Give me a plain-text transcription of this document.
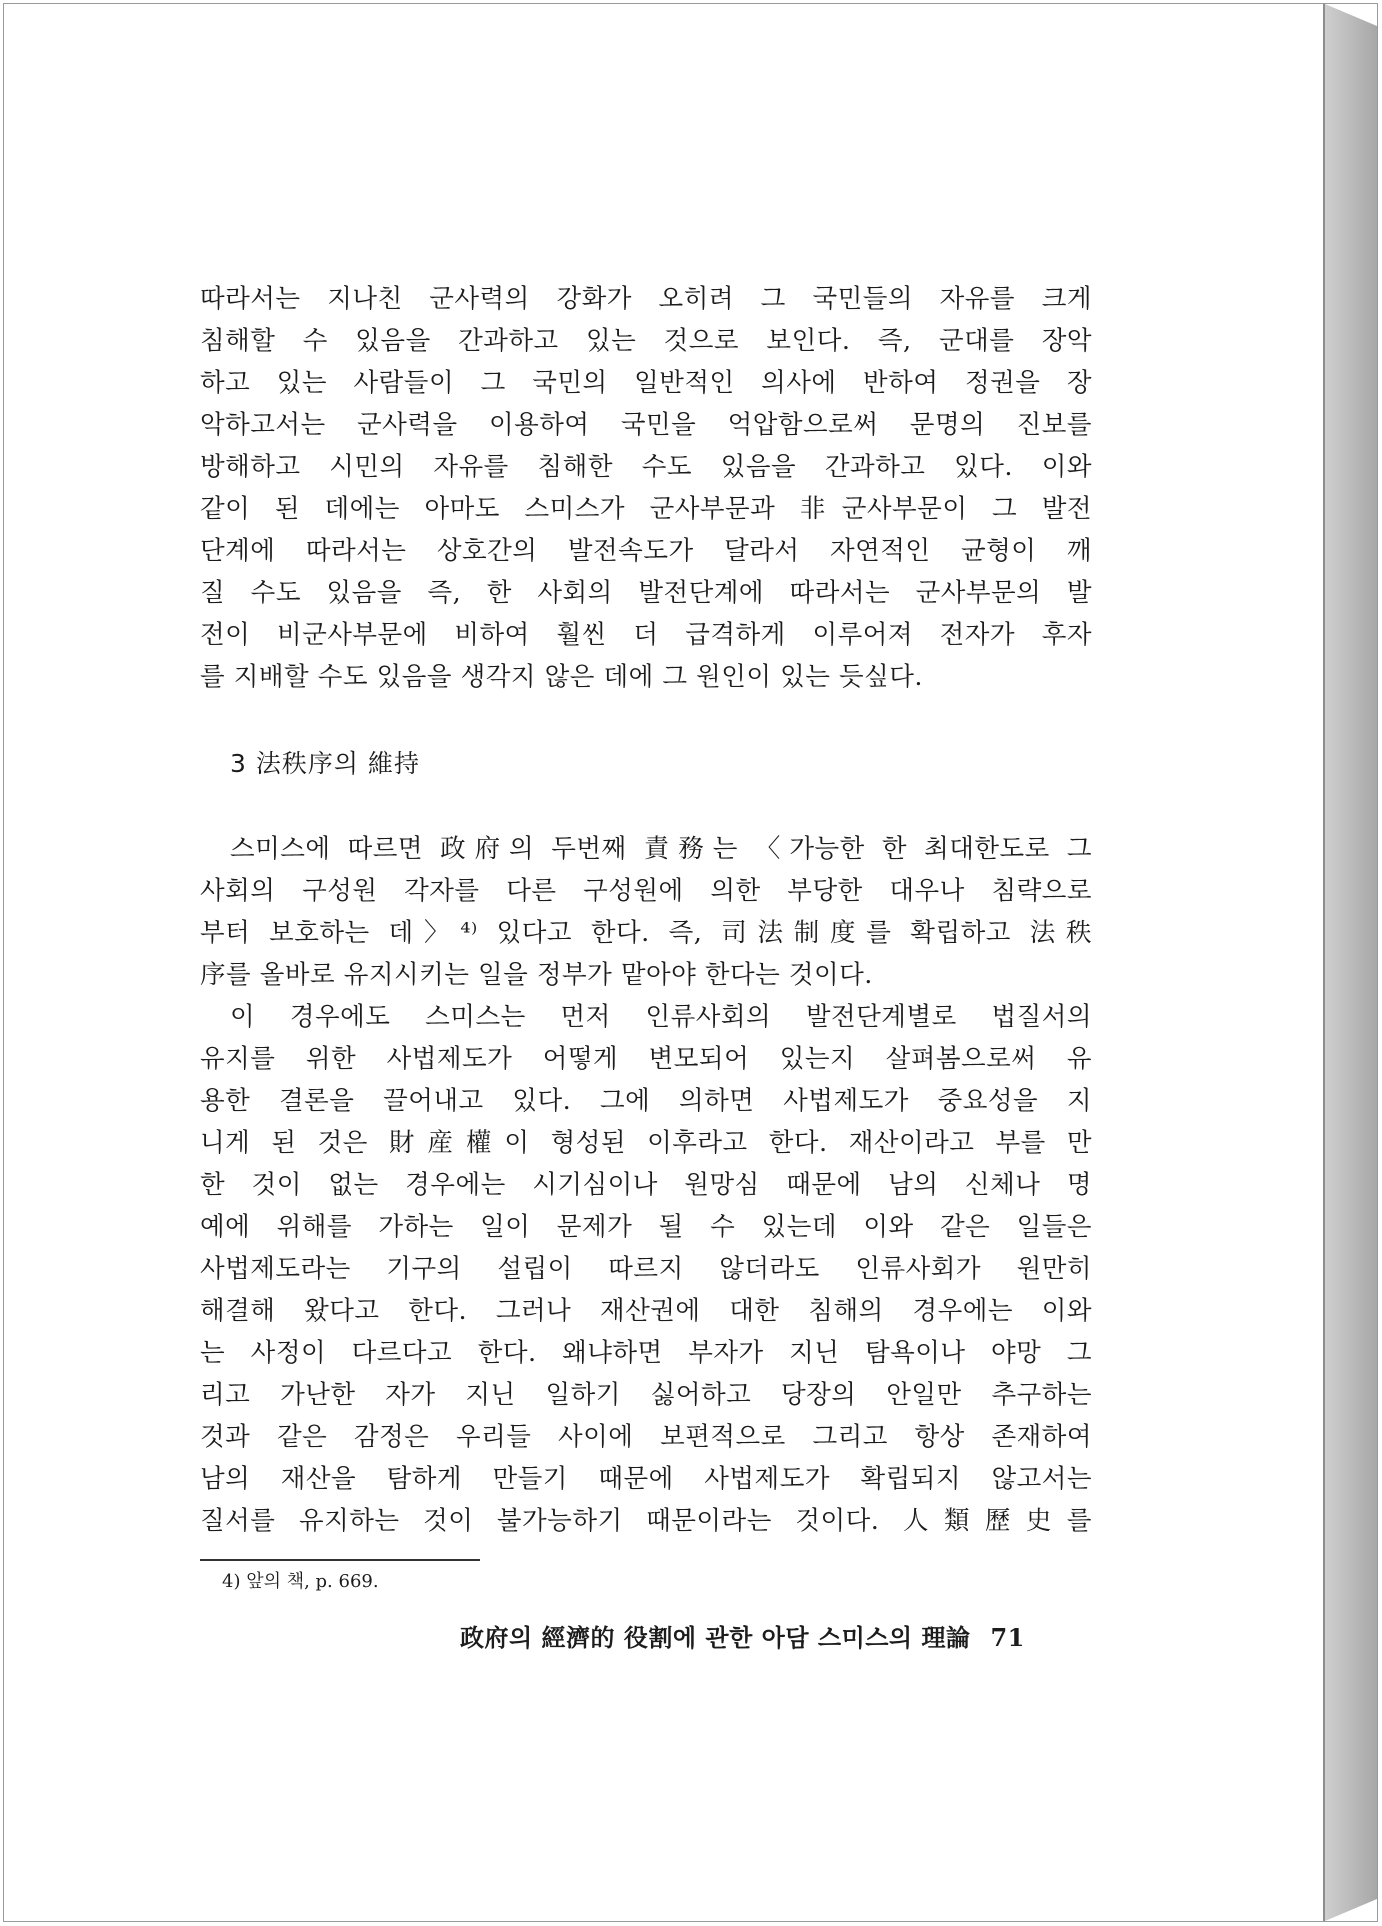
따라서는 지나친 군사력의 강화가 오히려 그 국민들의 자유를 크게
침해할 수 있음을 간과하고 있는 것으로 보인다. 즉, 군대를 장악
하고 있는 사람들이 그 국민의 일반적인 의사에 반하여 정권을 장
악하고서는 군사력을 이용하여 국민을 억압함으로써 문명의 진보를
방해하고 시민의 자유를 침해한 수도 있음을 간과하고 있다. 이와
같이 된 데에는 아마도 스미스가 군사부문과 非군사부문이 그 발전
단계에 따라서는 상호간의 발전속도가 달라서 자연적인 균형이 깨
질 수도 있음을 즉, 한 사회의 발전단계에 따라서는 군사부문의 발
전이 비군사부문에 비하여 훨씬 더 급격하게 이루어져 전자가 후자
를 지배할 수도 있음을 생각지 않은 데에 그 원인이 있는 듯싶다.
3 法秩序의 維持
스미스에 따르면 政府의 두번째 責務는 〈가능한 한 최대한도로 그
사회의 구성원 각자를 다른 구성원에 의한 부당한 대우나 침략으로
부터 보호하는 데〉⁴⁾ 있다고 한다. 즉, 司法制度를 확립하고 法秩
序를 올바로 유지시키는 일을 정부가 맡아야 한다는 것이다.
이 경우에도 스미스는 먼저 인류사회의 발전단계별로 법질서의
유지를 위한 사법제도가 어떻게 변모되어 있는지 살펴봄으로써 유
용한 결론을 끌어내고 있다. 그에 의하면 사법제도가 중요성을 지
니게 된 것은 財産權이 형성된 이후라고 한다. 재산이라고 부를 만
한 것이 없는 경우에는 시기심이나 원망심 때문에 남의 신체나 명
예에 위해를 가하는 일이 문제가 될 수 있는데 이와 같은 일들은
사법제도라는 기구의 설립이 따르지 않더라도 인류사회가 원만히
해결해 왔다고 한다. 그러나 재산권에 대한 침해의 경우에는 이와
는 사정이 다르다고 한다. 왜냐하면 부자가 지닌 탐욕이나 야망 그
리고 가난한 자가 지닌 일하기 싫어하고 당장의 안일만 추구하는
것과 같은 감정은 우리들 사이에 보편적으로 그리고 항상 존재하여
남의 재산을 탐하게 만들기 때문에 사법제도가 확립되지 않고서는
질서를 유지하는 것이 불가능하기 때문이라는 것이다. 人類歷史를
4) 앞의 책, p. 669.
政府의 經濟的 役割에 관한 아담 스미스의 理論 71
